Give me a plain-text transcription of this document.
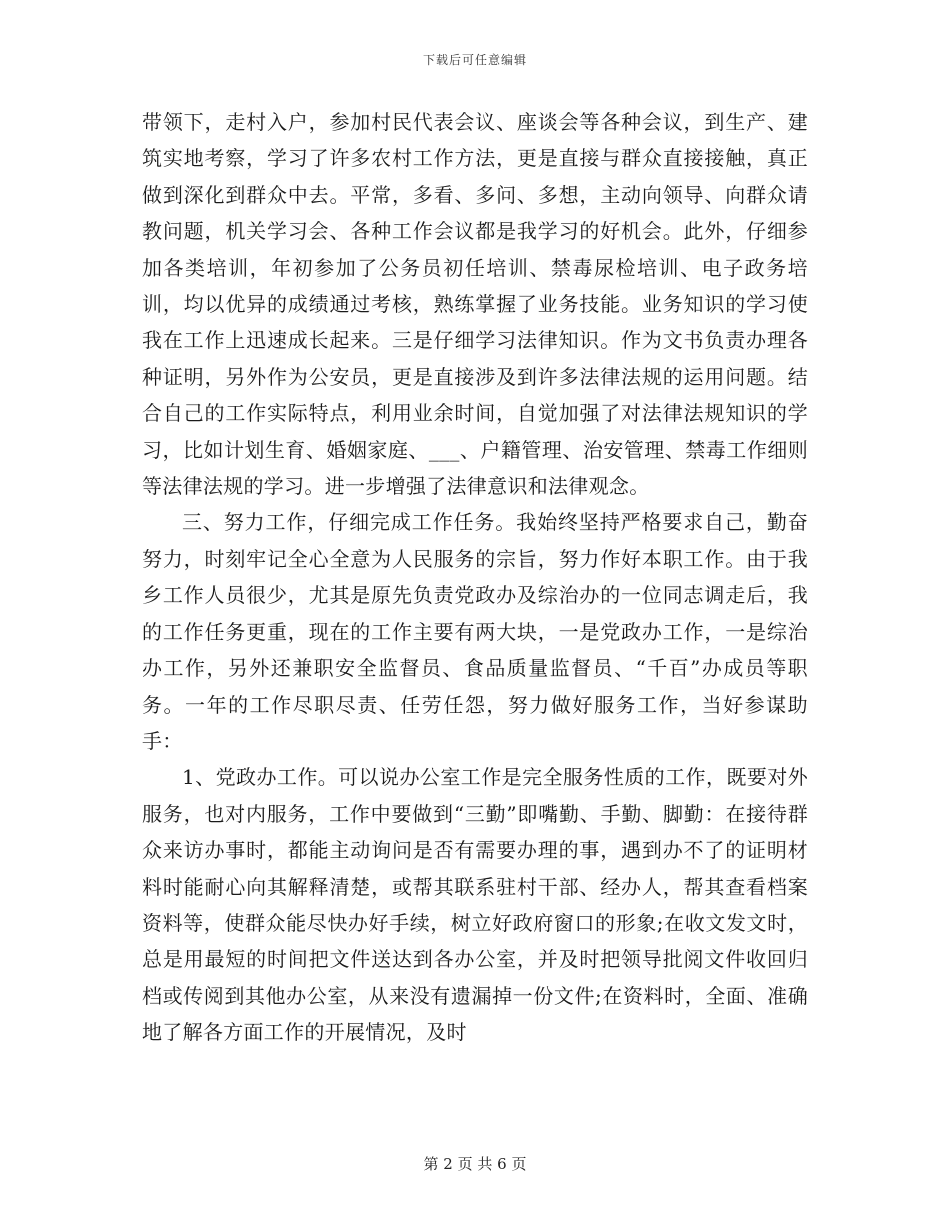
下载后可任意编辑

带领下，走村入户，参加村民代表会议、座谈会等各种会议，到生产、建筑实地考察，学习了许多农村工作方法，更是直接与群众直接接触，真正做到深化到群众中去。平常，多看、多问、多想，主动向领导、向群众请教问题，机关学习会、各种工作会议都是我学习的好机会。此外，仔细参加各类培训，年初参加了公务员初任培训、禁毒尿检培训、电子政务培训，均以优异的成绩通过考核，熟练掌握了业务技能。业务知识的学习使我在工作上迅速成长起来。三是仔细学习法律知识。作为文书负责办理各种证明，另外作为公安员，更是直接涉及到许多法律法规的运用问题。结合自己的工作实际特点，利用业余时间，自觉加强了对法律法规知识的学习，比如计划生育、婚姻家庭、___、户籍管理、治安管理、禁毒工作细则等法律法规的学习。进一步增强了法律意识和法律观念。

三、努力工作，仔细完成工作任务。我始终坚持严格要求自己，勤奋努力，时刻牢记全心全意为人民服务的宗旨，努力作好本职工作。由于我乡工作人员很少，尤其是原先负责党政办及综治办的一位同志调走后，我的工作任务更重，现在的工作主要有两大块，一是党政办工作，一是综治办工作，另外还兼职安全监督员、食品质量监督员、“千百”办成员等职务。一年的工作尽职尽责、任劳任怨，努力做好服务工作，当好参谋助手：

1、党政办工作。可以说办公室工作是完全服务性质的工作，既要对外服务，也对内服务，工作中要做到“三勤”即嘴勤、手勤、脚勤：在接待群众来访办事时，都能主动询问是否有需要办理的事，遇到办不了的证明材料时能耐心向其解释清楚，或帮其联系驻村干部、经办人，帮其查看档案资料等，使群众能尽快办好手续，树立好政府窗口的形象;在收文发文时，总是用最短的时间把文件送达到各办公室，并及时把领导批阅文件收回归档或传阅到其他办公室，从来没有遗漏掉一份文件;在资料时，全面、准确地了解各方面工作的开展情况，及时

第 2 页 共 6 页
